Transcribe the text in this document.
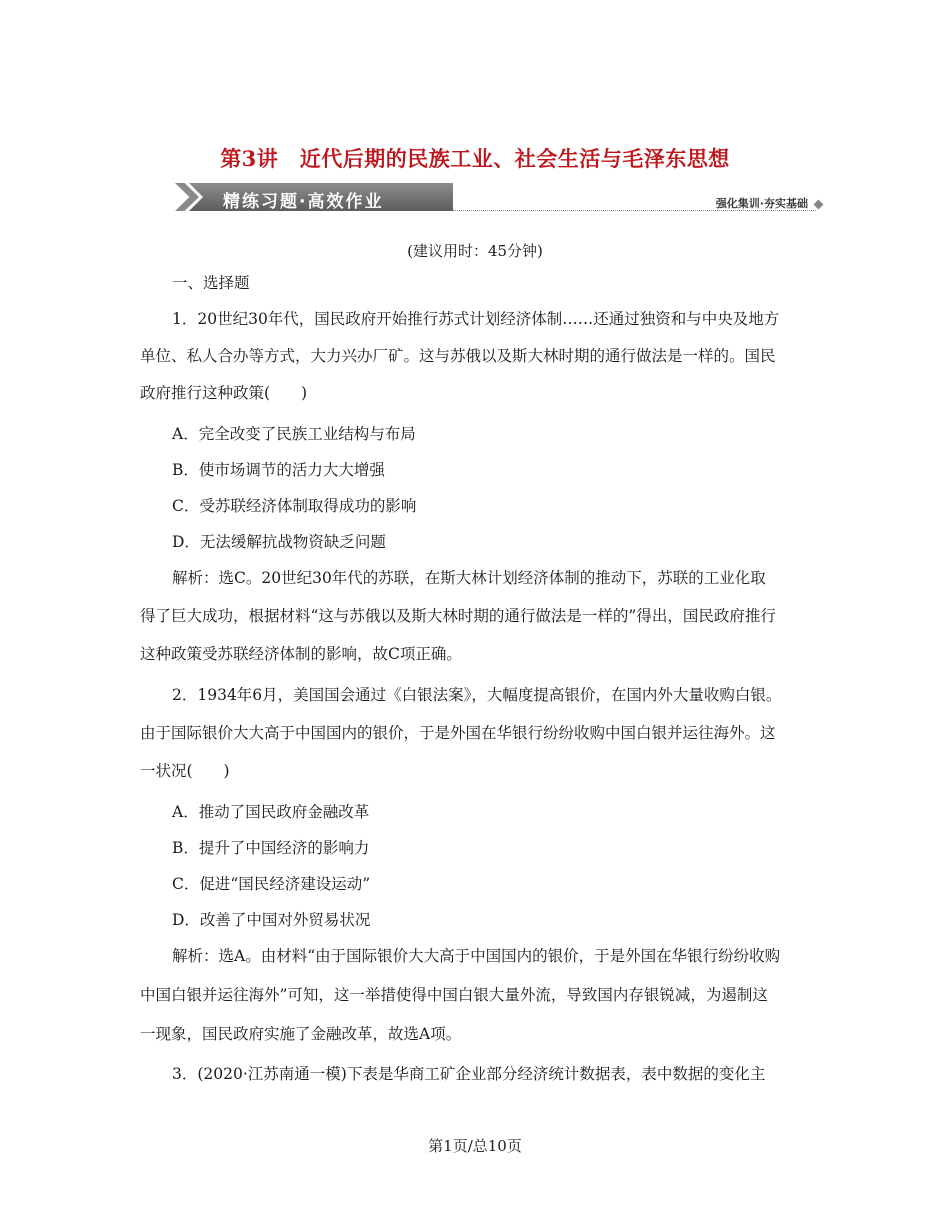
第3讲　近代后期的民族工业、社会生活与毛泽东思想
精练习题·高效作业	强化集训·夯实基础
(建议用时：45分钟)
一、选择题
1．20世纪30年代，国民政府开始推行苏式计划经济体制……还通过独资和与中央及地方
单位、私人合办等方式，大力兴办厂矿。这与苏俄以及斯大林时期的通行做法是一样的。国民
政府推行这种政策(　　)
A．完全改变了民族工业结构与布局
B．使市场调节的活力大大增强
C．受苏联经济体制取得成功的影响
D．无法缓解抗战物资缺乏问题
解析：选C。20世纪30年代的苏联，在斯大林计划经济体制的推动下，苏联的工业化取
得了巨大成功，根据材料“这与苏俄以及斯大林时期的通行做法是一样的”得出，国民政府推行
这种政策受苏联经济体制的影响，故C项正确。
2．1934年6月，美国国会通过《白银法案》，大幅度提高银价，在国内外大量收购白银。
由于国际银价大大高于中国国内的银价，于是外国在华银行纷纷收购中国白银并运往海外。这
一状况(　　)
A．推动了国民政府金融改革
B．提升了中国经济的影响力
C．促进“国民经济建设运动”
D．改善了中国对外贸易状况
解析：选A。由材料“由于国际银价大大高于中国国内的银价，于是外国在华银行纷纷收购
中国白银并运往海外”可知，这一举措使得中国白银大量外流，导致国内存银锐减，为遏制这
一现象，国民政府实施了金融改革，故选A项。
3．(2020·江苏南通一模)下表是华商工矿企业部分经济统计数据表，表中数据的变化主
第1页/总10页
